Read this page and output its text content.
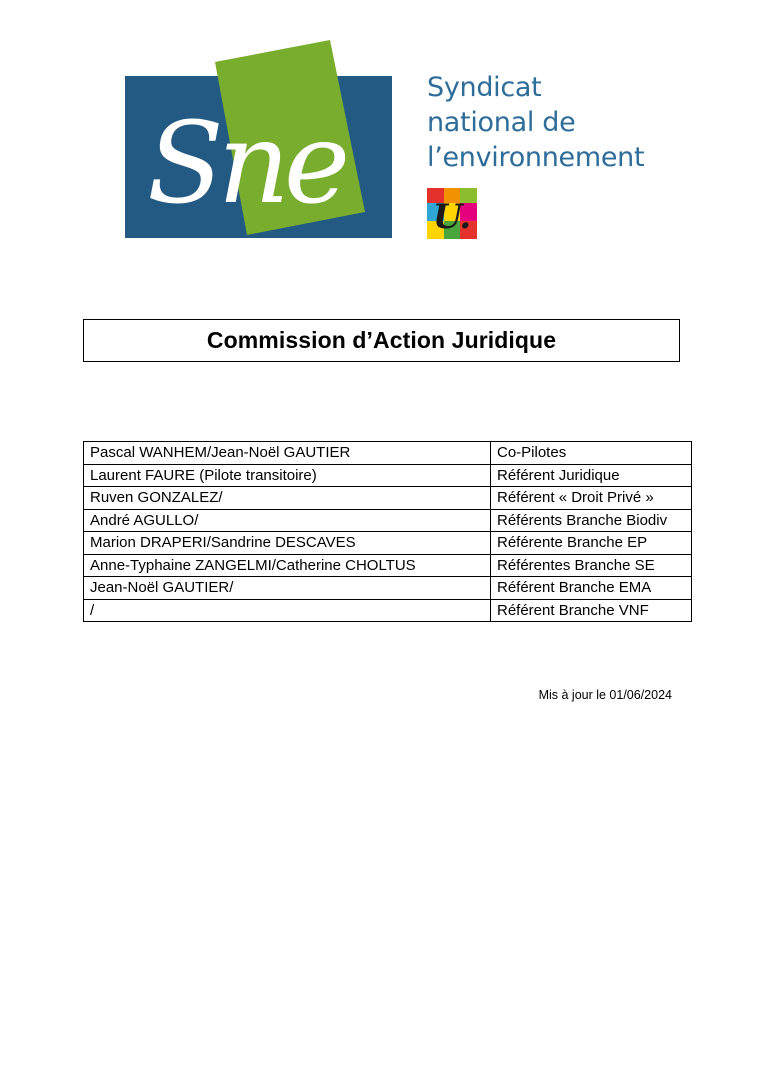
Sne
Syndicat
national de
l’environnement
U.
Commission d’Action Juridique
Pascal WANHEM/Jean-Noël GAUTIER	Co-Pilotes
Laurent FAURE (Pilote transitoire)	Référent Juridique
Ruven GONZALEZ/	Référent « Droit Privé »
André AGULLO/	Référents Branche Biodiv
Marion DRAPERI/Sandrine DESCAVES	Référente Branche EP
Anne-Typhaine ZANGELMI/Catherine CHOLTUS	Référentes Branche SE
Jean-Noël GAUTIER/	Référent Branche EMA
/	Référent Branche VNF
Mis à jour le 01/06/2024
